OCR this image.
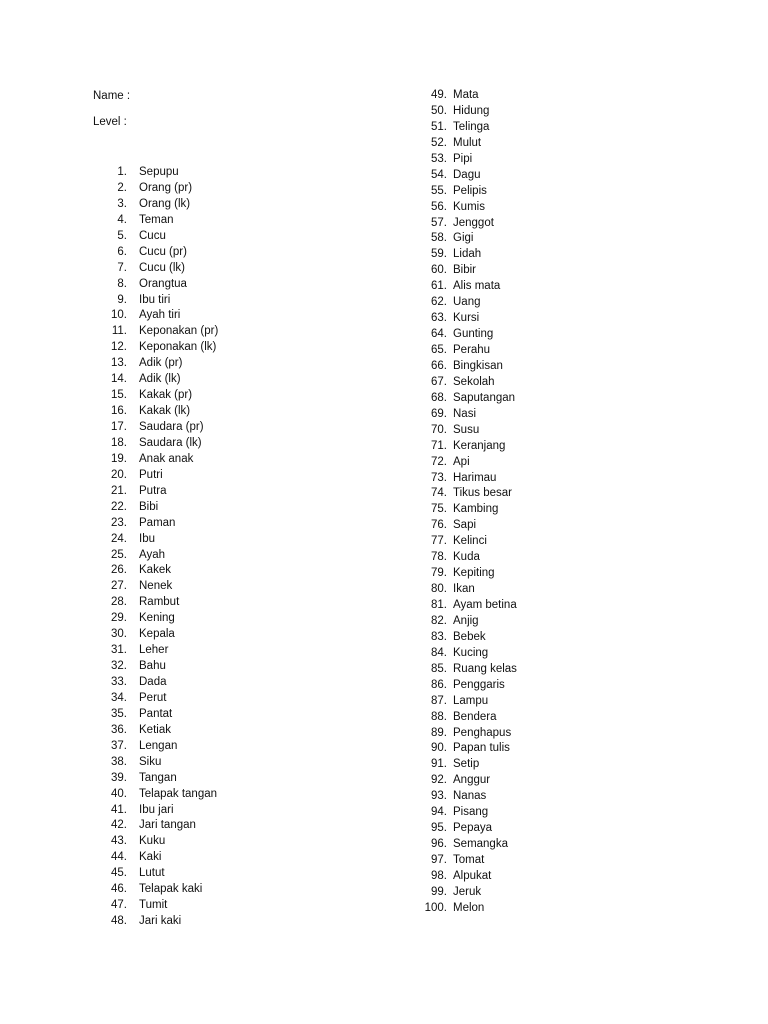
Name :
Level :
1.	Sepupu
2.	Orang (pr)
3.	Orang (lk)
4.	Teman
5.	Cucu
6.	Cucu (pr)
7.	Cucu (lk)
8.	Orangtua
9.	Ibu tiri
10.	Ayah tiri
11.	Keponakan (pr)
12.	Keponakan (lk)
13.	Adik (pr)
14.	Adik (lk)
15.	Kakak (pr)
16.	Kakak (lk)
17.	Saudara (pr)
18.	Saudara (lk)
19.	Anak anak
20.	Putri
21.	Putra
22.	Bibi
23.	Paman
24.	Ibu
25.	Ayah
26.	Kakek
27.	Nenek
28.	Rambut
29.	Kening
30.	Kepala
31.	Leher
32.	Bahu
33.	Dada
34.	Perut
35.	Pantat
36.	Ketiak
37.	Lengan
38.	Siku
39.	Tangan
40.	Telapak tangan
41.	Ibu jari
42.	Jari tangan
43.	Kuku
44.	Kaki
45.	Lutut
46.	Telapak kaki
47.	Tumit
48.	Jari kaki
49. Mata
50. Hidung
51. Telinga
52. Mulut
53. Pipi
54. Dagu
55. Pelipis
56. Kumis
57. Jenggot
58. Gigi
59. Lidah
60. Bibir
61. Alis mata
62. Uang
63. Kursi
64. Gunting
65. Perahu
66. Bingkisan
67. Sekolah
68. Saputangan
69. Nasi
70. Susu
71. Keranjang
72. Api
73. Harimau
74. Tikus besar
75. Kambing
76. Sapi
77. Kelinci
78. Kuda
79. Kepiting
80. Ikan
81. Ayam betina
82. Anjig
83. Bebek
84. Kucing
85. Ruang kelas
86. Penggaris
87. Lampu
88. Bendera
89. Penghapus
90. Papan tulis
91. Setip
92. Anggur
93. Nanas
94. Pisang
95. Pepaya
96. Semangka
97. Tomat
98. Alpukat
99. Jeruk
100. Melon
